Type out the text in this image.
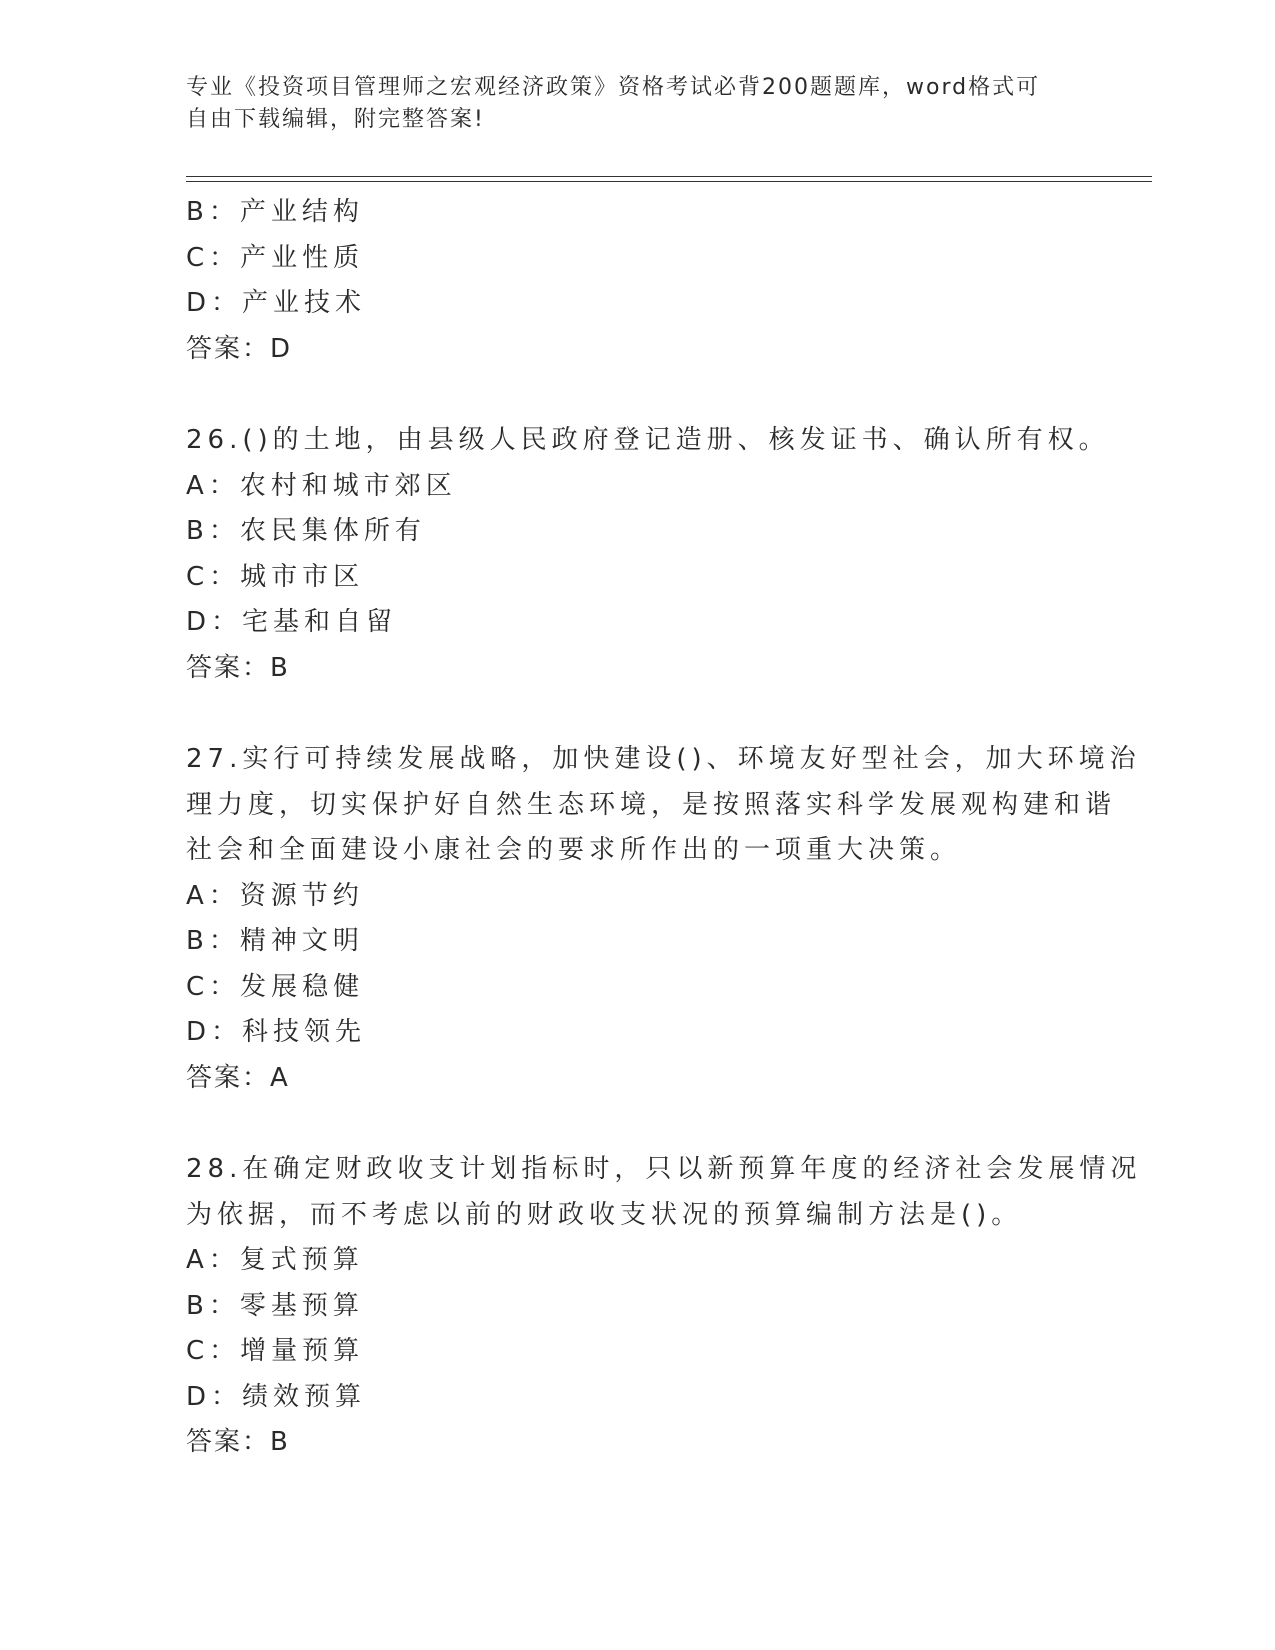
专业《投资项目管理师之宏观经济政策》资格考试必背200题题库，word格式可
自由下载编辑，附完整答案!
B：产业结构
C：产业性质
D：产业技术
答案：D
26.()的土地，由县级人民政府登记造册、核发证书、确认所有权。
A：农村和城市郊区
B：农民集体所有
C：城市市区
D：宅基和自留
答案：B
27.实行可持续发展战略，加快建设()、环境友好型社会，加大环境治
理力度，切实保护好自然生态环境，是按照落实科学发展观构建和谐
社会和全面建设小康社会的要求所作出的一项重大决策。
A：资源节约
B：精神文明
C：发展稳健
D：科技领先
答案：A
28.在确定财政收支计划指标时，只以新预算年度的经济社会发展情况
为依据，而不考虑以前的财政收支状况的预算编制方法是()。
A：复式预算
B：零基预算
C：增量预算
D：绩效预算
答案：B
